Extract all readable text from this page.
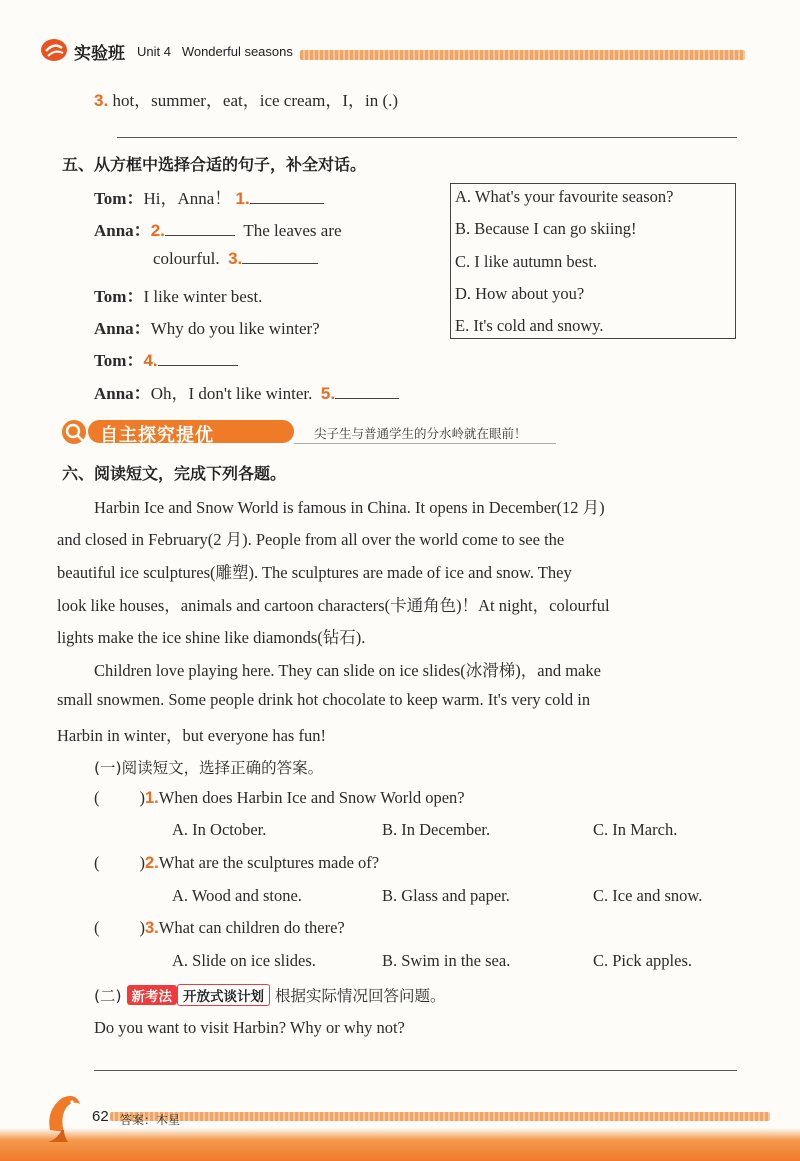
实验班 Unit 4 Wonderful seasons
3. hot，summer，eat，ice cream，I，in (.)
五、从方框中选择合适的句子，补全对话。
Tom：Hi，Anna！ 1.
Anna：2.	The leaves are
colourful. 3.
Tom：I like winter best.
Anna：Why do you like winter?
Tom：4.
Anna：Oh，I don't like winter. 5.
A. What's your favourite season?
B. Because I can go skiing!
C. I like autumn best.
D. How about you?
E. It's cold and snowy.
自主探究提优	尖子生与普通学生的分水岭就在眼前！
六、阅读短文，完成下列各题。
Harbin Ice and Snow World is famous in China. It opens in December(12 月)
and closed in February(2 月). People from all over the world come to see the
beautiful ice sculptures(雕塑). The sculptures are made of ice and snow. They
look like houses，animals and cartoon characters(卡通角色)！At night，colourful
lights make the ice shine like diamonds(钻石).
Children love playing here. They can slide on ice slides(冰滑梯)，and make
small snowmen. Some people drink hot chocolate to keep warm. It's very cold in
Harbin in winter，but everyone has fun!
(一)阅读短文，选择正确的答案。
( )1.When does Harbin Ice and Snow World open?
A. In October.	B. In December.	C. In March.
( )2.What are the sculptures made of?
A. Wood and stone.	B. Glass and paper.	C. Ice and snow.
( )3.What can children do there?
A. Slide on ice slides.	B. Swim in the sea.	C. Pick apples.
(二) 新考法 开放式谈计划 根据实际情况回答问题。
Do you want to visit Harbin? Why or why not?
62 答案：木星
